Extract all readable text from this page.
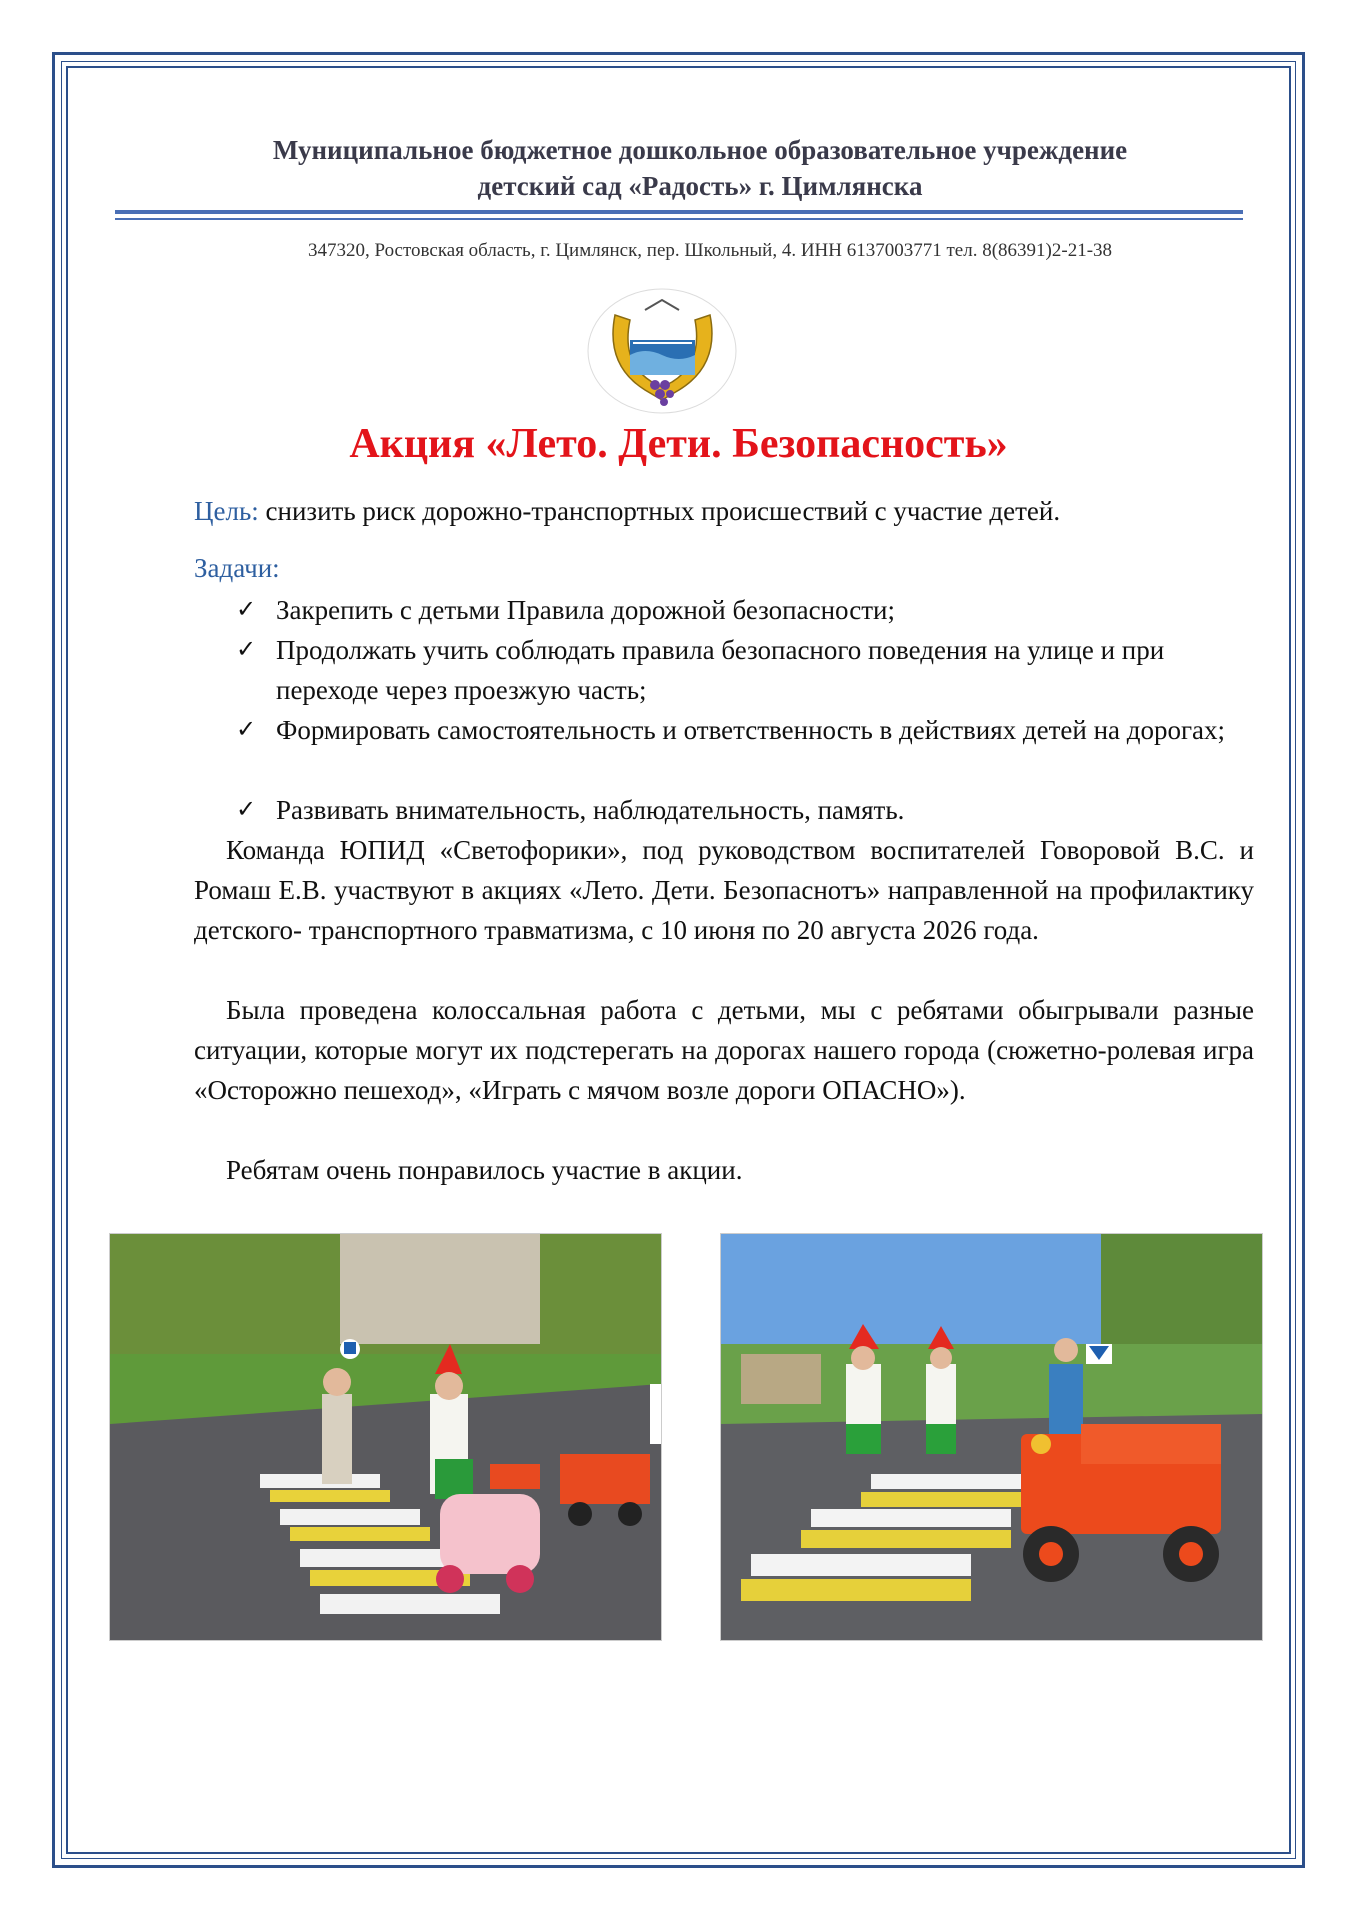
Муниципальное бюджетное дошкольное образовательное учреждение
детский сад «Радость» г. Цимлянска
347320, Ростовская область, г. Цимлянск, пер. Школьный, 4. ИНН 6137003771 тел. 8(86391)2-21-38
Акция «Лето. Дети. Безопасность»
Цель: снизить риск дорожно-транспортных происшествий с участие детей.
Задачи:
✓ Закрепить с детьми Правила дорожной безопасности;
✓ Продолжать учить соблюдать правила безопасного поведения на улице и при переходе через проезжую часть;
✓ Формировать самостоятельность и ответственность в действиях детей на дорогах;
✓ Развивать внимательность, наблюдательность, память.
Команда ЮПИД «Светофорики», под руководством воспитателей Говоровой В.С. и Ромаш Е.В. участвуют в акциях «Лето. Дети. Безопаснотъ» направленной на профилактику детского- транспортного травматизма, с 10 июня по 20 августа 2026 года.
Была проведена колоссальная работа с детьми, мы с ребятами обыгрывали разные ситуации, которые могут их подстерегать на дорогах нашего города (сюжетно-ролевая игра «Осторожно пешеход», «Играть с мячом возле дороги ОПАСНО»).
Ребятам очень понравилось участие в акции.
